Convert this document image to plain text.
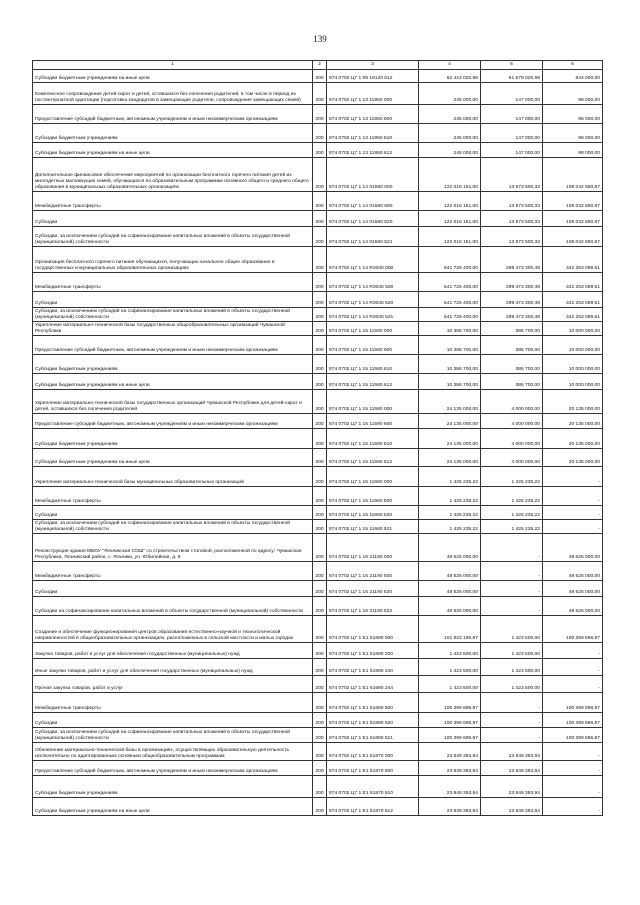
139
1	2	3	4	5	6
Субсидии бюджетным учреждениям на иные цели	200	874 0702 Ц7 1 09 19120 612	62 423 020,98	51 579 020,99	844 000,00
Комплексное сопровождение детей-сирот и детей, оставшихся без попечения родителей, в том числе в период их постинтернатной адаптации (подготовка кандидатов в замещающие родители, сопровождение замещающих семей)	200	874 0702 Ц7 1 13 11950 000	245 000,00	147 000,00	98 000,00
Предоставление субсидий бюджетным, автономным учреждениям и иным некоммерческим организациям	200	874 0702 Ц7 1 13 11950 600	245 000,00	147 000,00	98 000,00
Субсидии бюджетным учреждениям	200	874 0702 Ц7 1 13 11950 610	245 000,00	147 000,00	98 000,00
Субсидии бюджетным учреждениям на иные цели	200	874 0702 Ц7 1 13 11950 612	245 000,00	147 000,00	98 000,00
Дополнительное финансовое обеспечение мероприятий по организации бесплатного горячего питания детей из многодетных малоимущих семей, обучающихся по образовательным программам основного общего и среднего общего образования в муниципальных образовательных организациях	200	874 0702 Ц7 1 14 01560 000	122 016 151,00	13 973 500,33	108 042 650,67
Межбюджетные трансферты	200	874 0702 Ц7 1 14 01560 500	122 016 151,00	13 973 500,33	108 042 650,67
Субсидии	200	874 0702 Ц7 1 14 01560 520	122 016 151,00	13 973 500,33	108 042 650,67
Субсидии, за исключением субсидий на софинансирование капитальных вложений в объекты государственной (муниципальной) собственности	200	874 0702 Ц7 1 14 01560 521	122 016 151,00	13 973 500,33	108 042 650,67
Организация бесплатного горячего питания обучающихся, получающих начальное общее образование в государственных и муниципальных образовательных организациях	200	874 0702 Ц7 1 14 R3040 000	641 726 400,00	299 473 300,49	342 253 099,51
Межбюджетные трансферты	200	874 0702 Ц7 1 14 R3040 500	641 726 400,00	299 473 300,49	342 253 099,51
Субсидии	200	874 0702 Ц7 1 14 R3040 520	641 726 400,00	299 473 300,49	342 253 099,51
Субсидии, за исключением субсидий на софинансирование капитальных вложений в объекты государственной (муниципальной) собственности	200	874 0702 Ц7 1 14 R3040 521	641 726 400,00	299 473 300,49	342 253 099,51
Укрепление материально-технической базы государственных общеобразовательных организаций Чувашской Республики	200	874 0702 Ц7 1 15 11580 000	10 386 700,00	386 700,00	10 000 000,00
Предоставление субсидий бюджетным, автономным учреждениям и иным некоммерческим организациям	200	874 0702 Ц7 1 15 11580 600	10 386 700,00	386 700,00	10 000 000,00
Субсидии бюджетным учреждениям	200	874 0702 Ц7 1 15 11580 610	10 386 700,00	386 700,00	10 000 000,00
Субсидии бюджетным учреждениям на иные цели	200	874 0702 Ц7 1 15 11580 612	10 386 700,00	386 700,00	10 000 000,00
Укрепление материально-технической базы государственных организаций Чувашской Республики для детей-сирот и детей, оставшихся без попечения родителей	200	874 0702 Ц7 1 15 11590 000	24 135 000,00	4 000 000,00	20 135 000,00
Предоставление субсидий бюджетным, автономным учреждениям и иным некоммерческим организациям	200	874 0702 Ц7 1 15 11590 600	24 135 000,00	4 000 000,00	20 135 000,00
Субсидии бюджетным учреждениям	200	874 0702 Ц7 1 15 11590 610	24 135 000,00	4 000 000,00	20 135 000,00
Субсидии бюджетным учреждениям на иные цели	200	874 0702 Ц7 1 15 11590 612	24 135 000,00	4 000 000,00	20 135 000,00
Укрепление материально-технической базы муниципальных образовательных организаций	200	874 0702 Ц7 1 15 11660 000	1 425 235,22	1 425 235,22	-
Межбюджетные трансферты	200	874 0702 Ц7 1 15 11660 500	1 425 235,22	1 425 235,22	-
Субсидии	200	874 0702 Ц7 1 15 11660 520	1 425 235,22	1 425 235,22	-
Субсидии, за исключением субсидий на софинансирование капитальных вложений в объекты государственной (муниципальной) собственности	200	874 0702 Ц7 1 15 11660 521	1 425 235,22	1 425 235,22	-
Реконструкция здания МБОУ "Яльчикская СОШ" со строительством столовой, расположенной по адресу: Чувашская Республика, Яльчикский район, с. Яльчики, ул. Юбилейная, д. 8	200	874 0702 Ц7 1 16 21190 000	48 625 000,00	-	48 625 000,00
Межбюджетные трансферты	200	874 0702 Ц7 1 16 21190 500	48 625 000,00	-	48 625 000,00
Субсидии	200	874 0702 Ц7 1 16 21190 520	48 625 000,00	-	48 625 000,00
Субсидии на софинансирование капитальных вложений в объекты государственной (муниципальной) собственности	200	874 0702 Ц7 1 16 21190 522	48 625 000,00	-	48 625 000,00
Создание и обеспечение функционирования центров образования естественно-научной и технологической направленностей в общеобразовательных организациях, расположенных в сельской местности и малых городах	200	874 0702 Ц7 1 E1 51690 000	101 823 196,97	1 423 500,00	100 399 696,97
Закупка товаров, работ и услуг для обеспечения государственных (муниципальных) нужд	200	874 0702 Ц7 1 E1 51690 200	1 423 500,00	1 423 500,00	-
Иные закупки товаров, работ и услуг для обеспечения государственных (муниципальных) нужд	200	874 0702 Ц7 1 E1 51690 240	1 423 500,00	1 423 500,00	-
Прочая закупка товаров, работ и услуг	200	874 0702 Ц7 1 E1 51690 244	1 423 500,00	1 423 500,00	-
Межбюджетные трансферты	200	874 0702 Ц7 1 E1 51690 500	100 399 696,97	-	100 399 696,97
Субсидии	200	874 0702 Ц7 1 E1 51690 520	100 399 696,97	-	100 399 696,97
Субсидии, за исключением субсидий на софинансирование капитальных вложений в объекты государственной (муниципальной) собственности	200	874 0702 Ц7 1 E1 51690 521	100 399 696,97	-	100 399 696,97
Обновление материально-технической базы в организациях, осуществляющих образовательную деятельность исключительно по адаптированным основным общеобразовательным программам	200	874 0702 Ц7 1 E1 51870 000	23 849 393,94	23 849 393,94	-
Предоставление субсидий бюджетным, автономным учреждениям и иным некоммерческим организациям	200	874 0702 Ц7 1 E1 51870 600	23 849 393,94	23 849 393,94	-
Субсидии бюджетным учреждениям	200	874 0702 Ц7 1 E1 51870 610	23 849 393,94	23 849 393,94	-
Субсидии бюджетным учреждениям на иные цели	200	874 0702 Ц7 1 E1 51870 612	23 849 393,94	23 849 393,94	-
